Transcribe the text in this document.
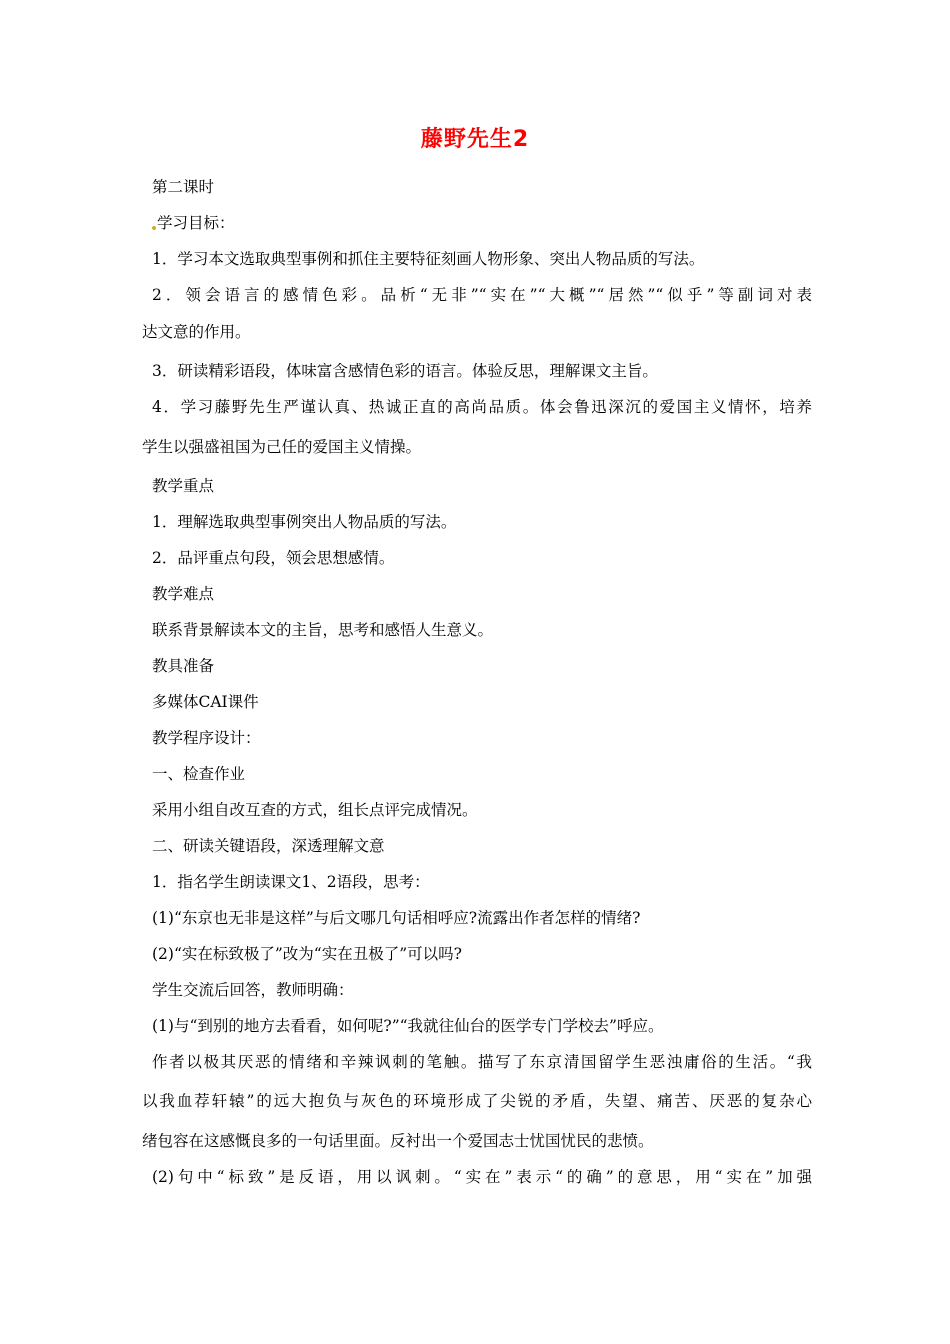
藤野先生2
第二课时
学习目标：
1．学习本文选取典型事例和抓住主要特征刻画人物形象、突出人物品质的写法。
2．领会语言的感情色彩。品析“无非”“实在”“大概”“居然”“似乎”等副词对表
达文意的作用。
3．研读精彩语段，体味富含感情色彩的语言。体验反思，理解课文主旨。
4．学习藤野先生严谨认真、热诚正直的高尚品质。体会鲁迅深沉的爱国主义情怀，培养
学生以强盛祖国为己任的爱国主义情操。
教学重点
1．理解选取典型事例突出人物品质的写法。
2．品评重点句段，领会思想感情。
教学难点
联系背景解读本文的主旨，思考和感悟人生意义。
教具准备
多媒体CAI课件
教学程序设计：
一、检查作业
采用小组自改互查的方式，组长点评完成情况。
二、研读关键语段，深透理解文意
1．指名学生朗读课文1、2语段，思考：
(1)“东京也无非是这样”与后文哪几句话相呼应?流露出作者怎样的情绪?
(2)“实在标致极了”改为“实在丑极了”可以吗?
学生交流后回答，教师明确：
(1)与“到别的地方去看看，如何呢?”“我就往仙台的医学专门学校去”呼应。
作者以极其厌恶的情绪和辛辣讽刺的笔触。描写了东京清国留学生恶浊庸俗的生活。“我
以我血荐轩辕”的远大抱负与灰色的环境形成了尖锐的矛盾，失望、痛苦、厌恶的复杂心
绪包容在这感慨良多的一句话里面。反衬出一个爱国志士忧国忧民的悲愤。
(2)句中“标致”是反语，用以讽刺。“实在”表示“的确”的意思，用“实在”加强
